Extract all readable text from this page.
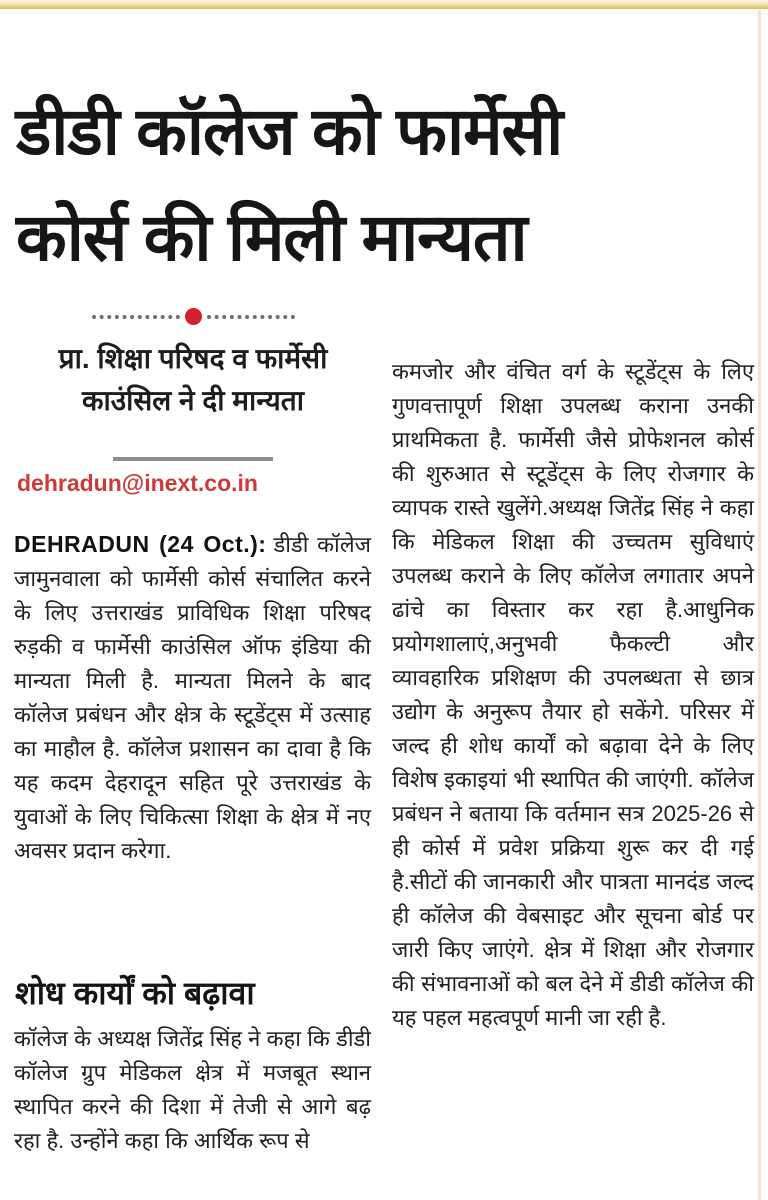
डीडी कॉलेज को फार्मेसी
कोर्स की मिली मान्यता
प्रा. शिक्षा परिषद व फार्मेसी
काउंसिल ने दी मान्यता
dehradun@inext.co.in

DEHRADUN (24 Oct.): डीडी कॉलेज जामुनवाला को फार्मेसी कोर्स संचालित करने के लिए उत्तराखंड प्राविधिक शिक्षा परिषद रुड़की व फार्मेसी काउंसिल ऑफ इंडिया की मान्यता मिली है. मान्यता मिलने के बाद कॉलेज प्रबंधन और क्षेत्र के स्टूडेंट्स में उत्साह का माहौल है. कॉलेज प्रशासन का दावा है कि यह कदम देहरादून सहित पूरे उत्तराखंड के युवाओं के लिए चिकित्सा शिक्षा के क्षेत्र में नए अवसर प्रदान करेगा.

शोध कार्यों को बढ़ावा

कॉलेज के अध्यक्ष जितेंद्र सिंह ने कहा कि डीडी कॉलेज ग्रुप मेडिकल क्षेत्र में मजबूत स्थान स्थापित करने की दिशा में तेजी से आगे बढ़ रहा है. उन्होंने कहा कि आर्थिक रूप से

कमजोर और वंचित वर्ग के स्टूडेंट्स के लिए गुणवत्तापूर्ण शिक्षा उपलब्ध कराना उनकी प्राथमिकता है. फार्मेसी जैसे प्रोफेशनल कोर्स की शुरुआत से स्टूडेंट्स के लिए रोजगार के व्यापक रास्ते खुलेंगे.अध्यक्ष जितेंद्र सिंह ने कहा कि मेडिकल शिक्षा की उच्चतम सुविधाएं उपलब्ध कराने के लिए कॉलेज लगातार अपने ढांचे का विस्तार कर रहा है.आधुनिक प्रयोगशालाएं,अनुभवी फैकल्टी और व्यावहारिक प्रशिक्षण की उपलब्धता से छात्र उद्योग के अनुरूप तैयार हो सकेंगे. परिसर में जल्द ही शोध कार्यों को बढ़ावा देने के लिए विशेष इकाइयां भी स्थापित की जाएंगी. कॉलेज प्रबंधन ने बताया कि वर्तमान सत्र 2025-26 से ही कोर्स में प्रवेश प्रक्रिया शुरू कर दी गई है.सीटों की जानकारी और पात्रता मानदंड जल्द ही कॉलेज की वेबसाइट और सूचना बोर्ड पर जारी किए जाएंगे. क्षेत्र में शिक्षा और रोजगार की संभावनाओं को बल देने में डीडी कॉलेज की यह पहल महत्वपूर्ण मानी जा रही है.
